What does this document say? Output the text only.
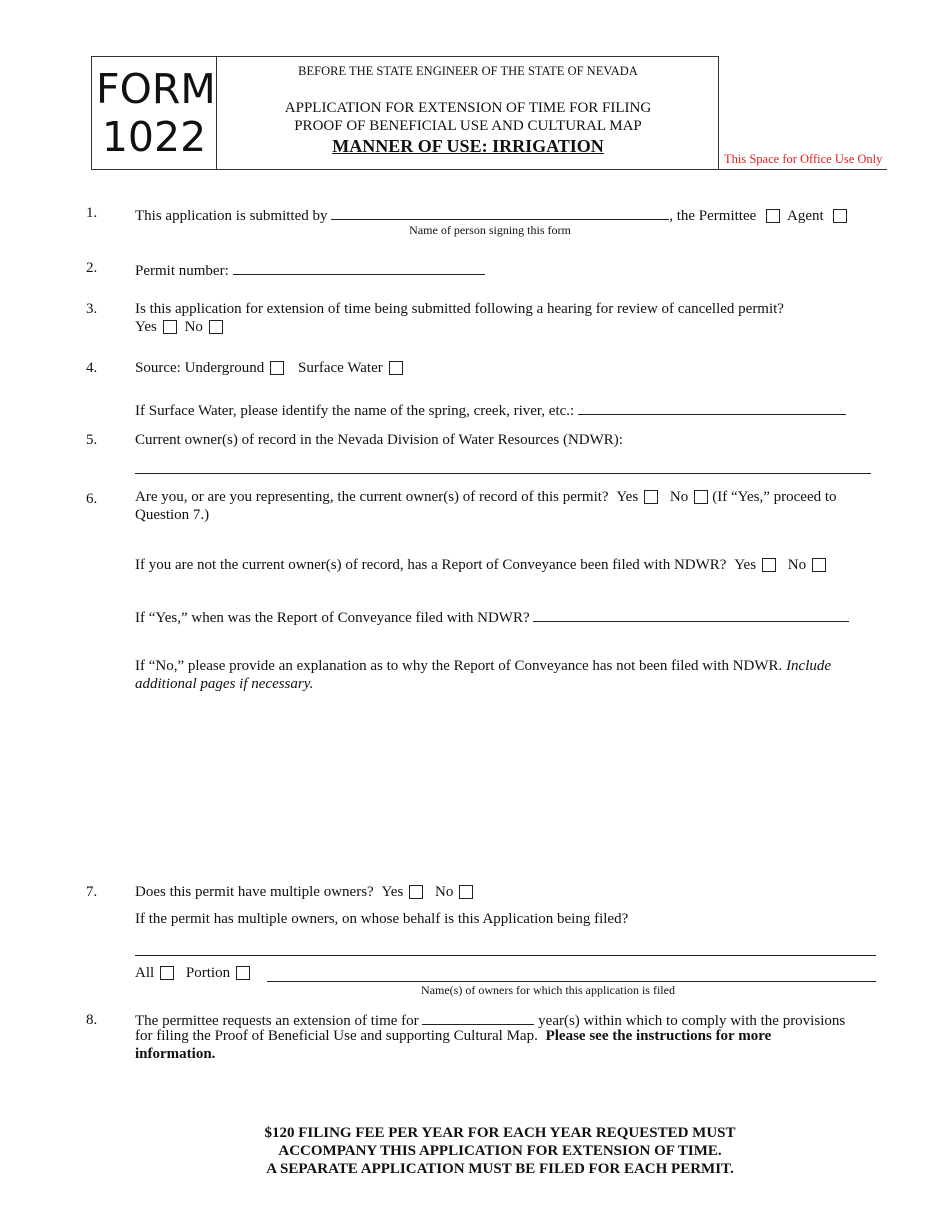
FORM
1022
BEFORE THE STATE ENGINEER OF THE STATE OF NEVADA
APPLICATION FOR EXTENSION OF TIME FOR FILING
PROOF OF BENEFICIAL USE AND CULTURAL MAP
MANNER OF USE: IRRIGATION
This Space for Office Use Only
1.	This application is submitted by	, the Permittee Agent
Name of person signing this form
2.	Permit number:
3.	Is this application for extension of time being submitted following a hearing for review of cancelled permit?
Yes No
4.	Source: Underground Surface Water
If Surface Water, please identify the name of the spring, creek, river, etc.:
5.	Current owner(s) of record in the Nevada Division of Water Resources (NDWR):
6.	Are you, or are you representing, the current owner(s) of record of this permit? Yes No (If “Yes,” proceed to
Question 7.)
If you are not the current owner(s) of record, has a Report of Conveyance been filed with NDWR? Yes No
If “Yes,” when was the Report of Conveyance filed with NDWR?
If “No,” please provide an explanation as to why the Report of Conveyance has not been filed with NDWR. Include additional pages if necessary.
7.	Does this permit have multiple owners? Yes No
If the permit has multiple owners, on whose behalf is this Application being filed?
All Portion
Name(s) of owners for which this application is filed
8.	The permittee requests an extension of time for	year(s) within which to comply with the provisions
for filing the Proof of Beneficial Use and supporting Cultural Map. Please see the instructions for more
information.
$120 FILING FEE PER YEAR FOR EACH YEAR REQUESTED MUST
ACCOMPANY THIS APPLICATION FOR EXTENSION OF TIME.
A SEPARATE APPLICATION MUST BE FILED FOR EACH PERMIT.
